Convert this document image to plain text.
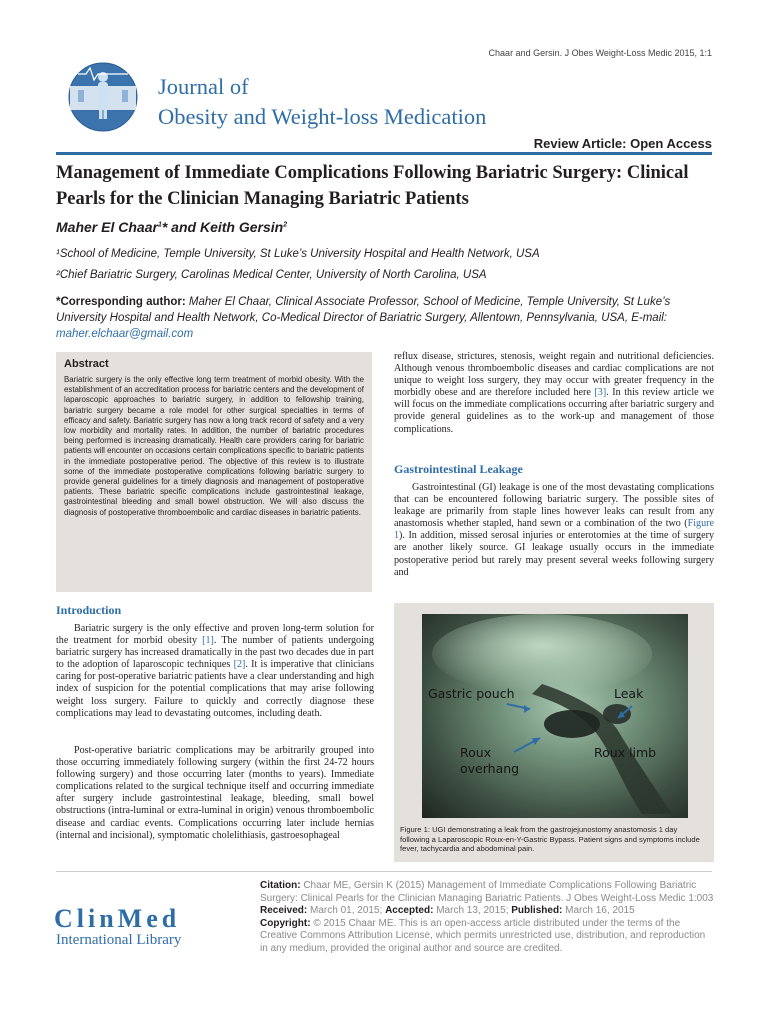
Chaar and Gersin. J Obes Weight-Loss Medic 2015, 1:1
Journal of
Obesity and Weight-loss Medication
Review Article: Open Access
Management of Immediate Complications Following Bariatric Surgery: Clinical Pearls for the Clinician Managing Bariatric Patients
Maher El Chaar$^1$* and Keith Gersin$^2$
¹School of Medicine, Temple University, St Luke’s University Hospital and Health Network, USA
²Chief Bariatric Surgery, Carolinas Medical Center, University of North Carolina, USA
*Corresponding author: Maher El Chaar, Clinical Associate Professor, School of Medicine, Temple University, St Luke’s University Hospital and Health Network, Co-Medical Director of Bariatric Surgery, Allentown, Pennsylvania, USA, E-mail: maher.elchaar@gmail.com
Abstract
Bariatric surgery is the only effective long term treatment of morbid obesity. With the establishment of an accreditation process for bariatric centers and the development of laparoscopic approaches to bariatric surgery, in addition to fellowship training, bariatric surgery became a role model for other surgical specialties in terms of efficacy and safety. Bariatric surgery has now a long track record of safety and a very low morbidity and mortality rates. In addition, the number of bariatric procedures being performed is increasing dramatically. Health care providers caring for bariatric patients will encounter on occasions certain complications specific to bariatric patients in the immediate postoperative period. The objective of this review is to illustrate some of the immediate postoperative complications following bariatric surgery to provide general guidelines for a timely diagnosis and management of postoperative patients. These bariatric specific complications include gastrointestinal leakage, gastrointestinal bleeding and small bowel obstruction. We will also discuss the diagnosis of postoperative thromboembolic and cardiac diseases in bariatric patients.
Introduction

Bariatric surgery is the only effective and proven long-term solution for the treatment for morbid obesity [1]. The number of patients undergoing bariatric surgery has increased dramatically in the past two decades due in part to the adoption of laparoscopic techniques [2]. It is imperative that clinicians caring for post-operative bariatric patients have a clear understanding and high index of suspicion for the potential complications that may arise following weight loss surgery. Failure to quickly and correctly diagnose these complications may lead to devastating outcomes, including death.

Post-operative bariatric complications may be arbitrarily grouped into those occurring immediately following surgery (within the first 24-72 hours following surgery) and those occurring later (months to years). Immediate complications related to the surgical technique itself and occurring immediate after surgery include gastrointestinal leakage, bleeding, small bowel obstructions (intra-luminal or extra-luminal in origin) venous thromboembolic disease and cardiac events. Complications occurring later include hernias (internal and incisional), symptomatic cholelithiasis, gastroesophageal

reflux disease, strictures, stenosis, weight regain and nutritional deficiencies. Although venous thromboembolic diseases and cardiac complications are not unique to weight loss surgery, they may occur with greater frequency in the morbidly obese and are therefore included here [3]. In this review article we will focus on the immediate complications occurring after bariatric surgery and provide general guidelines as to the work-up and management of those complications.

Gastrointestinal Leakage

Gastrointestinal (GI) leakage is one of the most devastating complications that can be encountered following bariatric surgery. The possible sites of leakage are primarily from staple lines however leaks can result from any anastomosis whether stapled, hand sewn or a combination of the two (Figure 1). In addition, missed serosal injuries or enterotomies at the time of surgery are another likely source. GI leakage usually occurs in the immediate postoperative period but rarely may present several weeks following surgery and

Gastric pouch	Leak
Roux overhang
Roux limb
Figure 1: UGI demonstrating a leak from the gastrojejunostomy anastomosis 1 day following a Laparoscopic Roux-en-Y-Gastric Bypass. Patient signs and symptoms include fever, tachycardia and abodominal pain.
ClinMed
International Library
Citation: Chaar ME, Gersin K (2015) Management of Immediate Complications Following Bariatric Surgery: Clinical Pearls for the Clinician Managing Bariatric Patients. J Obes Weight-Loss Medic 1:003
Received: March 01, 2015; Accepted: March 13, 2015; Published: March 16, 2015
Copyright: © 2015 Chaar ME. This is an open-access article distributed under the terms of the Creative Commons Attribution License, which permits unrestricted use, distribution, and reproduction in any medium, provided the original author and source are credited.
